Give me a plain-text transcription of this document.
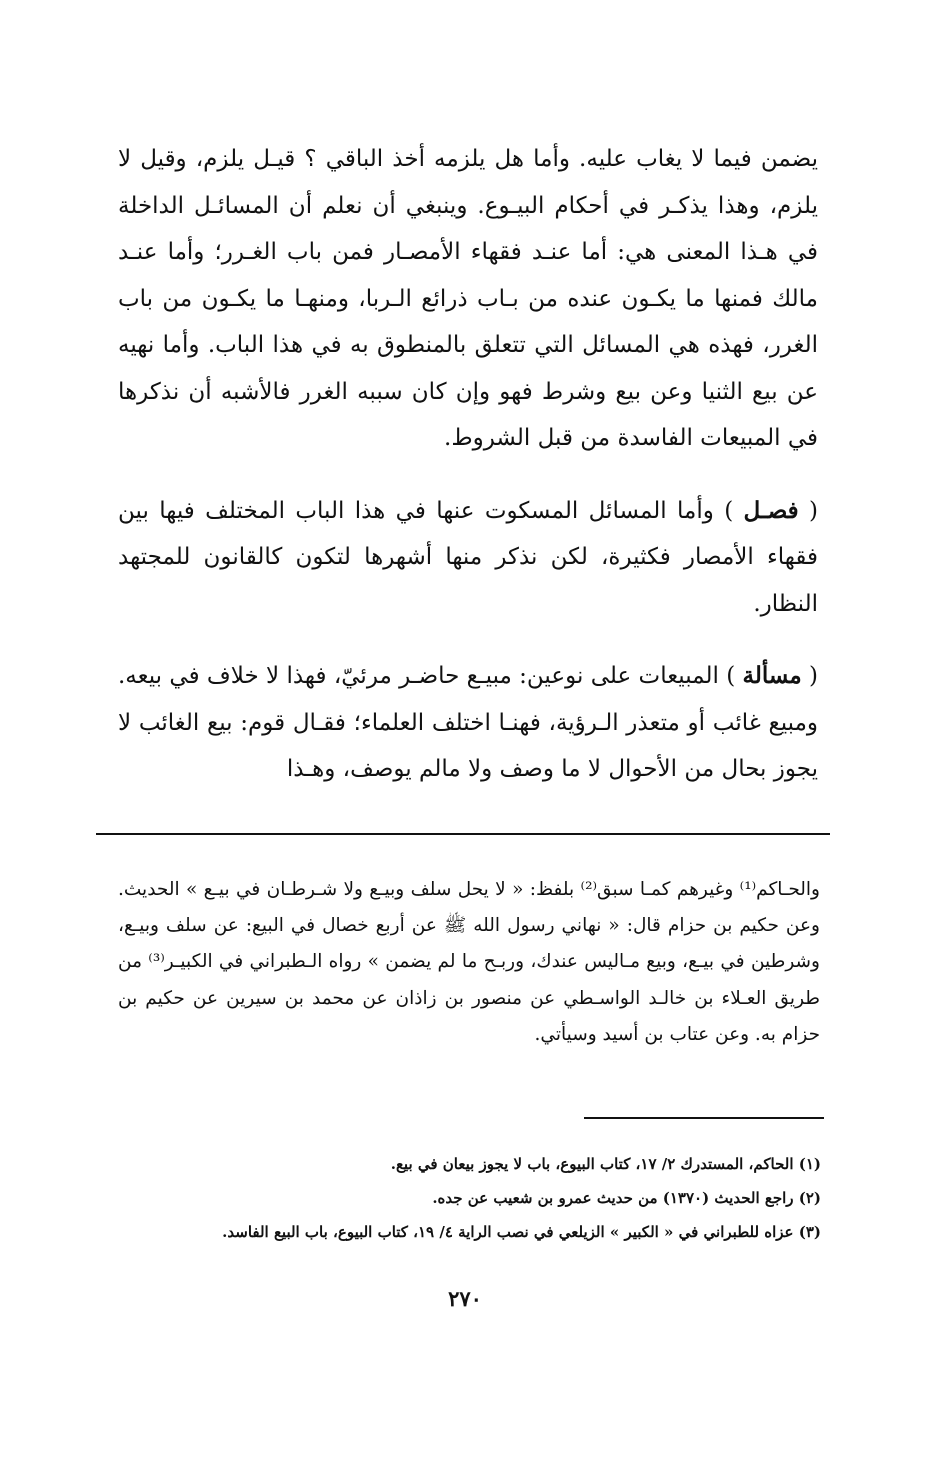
يضمن فيما لا يغاب عليه. وأما هل يلزمه أخذ الباقي ؟ قيـل يلزم، وقيل لا يلزم، وهذا يذكـر في أحكام البيـوع. وينبغي أن نعلم أن المسائـل الداخلة في هـذا المعنى هي: أما عنـد فقهاء الأمصـار فمن باب الغـرر؛ وأما عنـد مالك فمنها ما يكـون عنده من بـاب ذرائع الـربا، ومنهـا ما يكـون من باب الغرر، فهذه هي المسائل التي تتعلق بالمنطوق به في هذا الباب. وأما نهيه عن بيع الثنيا وعن بيع وشرط فهو وإن كان سببه الغرر فالأشبه أن نذكرها في المبيعات الفاسدة من قبل الشروط.

( فصـل ) وأما المسائل المسكوت عنها في هذا الباب المختلف فيها بين فقهاء الأمصار فكثيرة، لكن نذكر منها أشهرها لتكون كالقانون للمجتهد النظار.

( مسألة ) المبيعات على نوعين: مبيـع حاضـر مرئيّ، فهذا لا خلاف في بيعه. ومبيع غائب أو متعذر الـرؤية، فهنـا اختلف العلماء؛ فقـال قوم: بيع الغائب لا يجوز بحال من الأحوال لا ما وصف ولا مالم يوصف، وهـذا

والحـاكم⁽¹⁾ وغيرهم كمـا سبق⁽²⁾ بلفظ: « لا يحل سلف وبيـع ولا شـرطـان في بيـع » الحديث. وعن حكيم بن حزام قال: « نهاني رسول الله ﷺ عن أربع خصال في البيع: عن سلف وبيـع، وشرطين في بيـع، وبيع مـاليس عندك، وربـح ما لم يضمن » رواه الـطبراني في الكبيـر⁽³⁾ من طريق العـلاء بن خالـد الواسـطي عن منصور بن زاذان عن محمد بن سيرين عن حكيم بن حزام به. وعن عتاب بن أسيد وسيأتي.

(١) الحاكم، المستدرك ٢/ ١٧، كتاب البيوع، باب لا يجوز بيعان في بيع.

(٢) راجع الحديث (١٣٧٠) من حديث عمرو بن شعيب عن جده.

(٣) عزاه للطبراني في « الكبير » الزيلعي في نصب الراية ٤/ ١٩، كتاب البيوع، باب البيع الفاسد.

٢٧٠
